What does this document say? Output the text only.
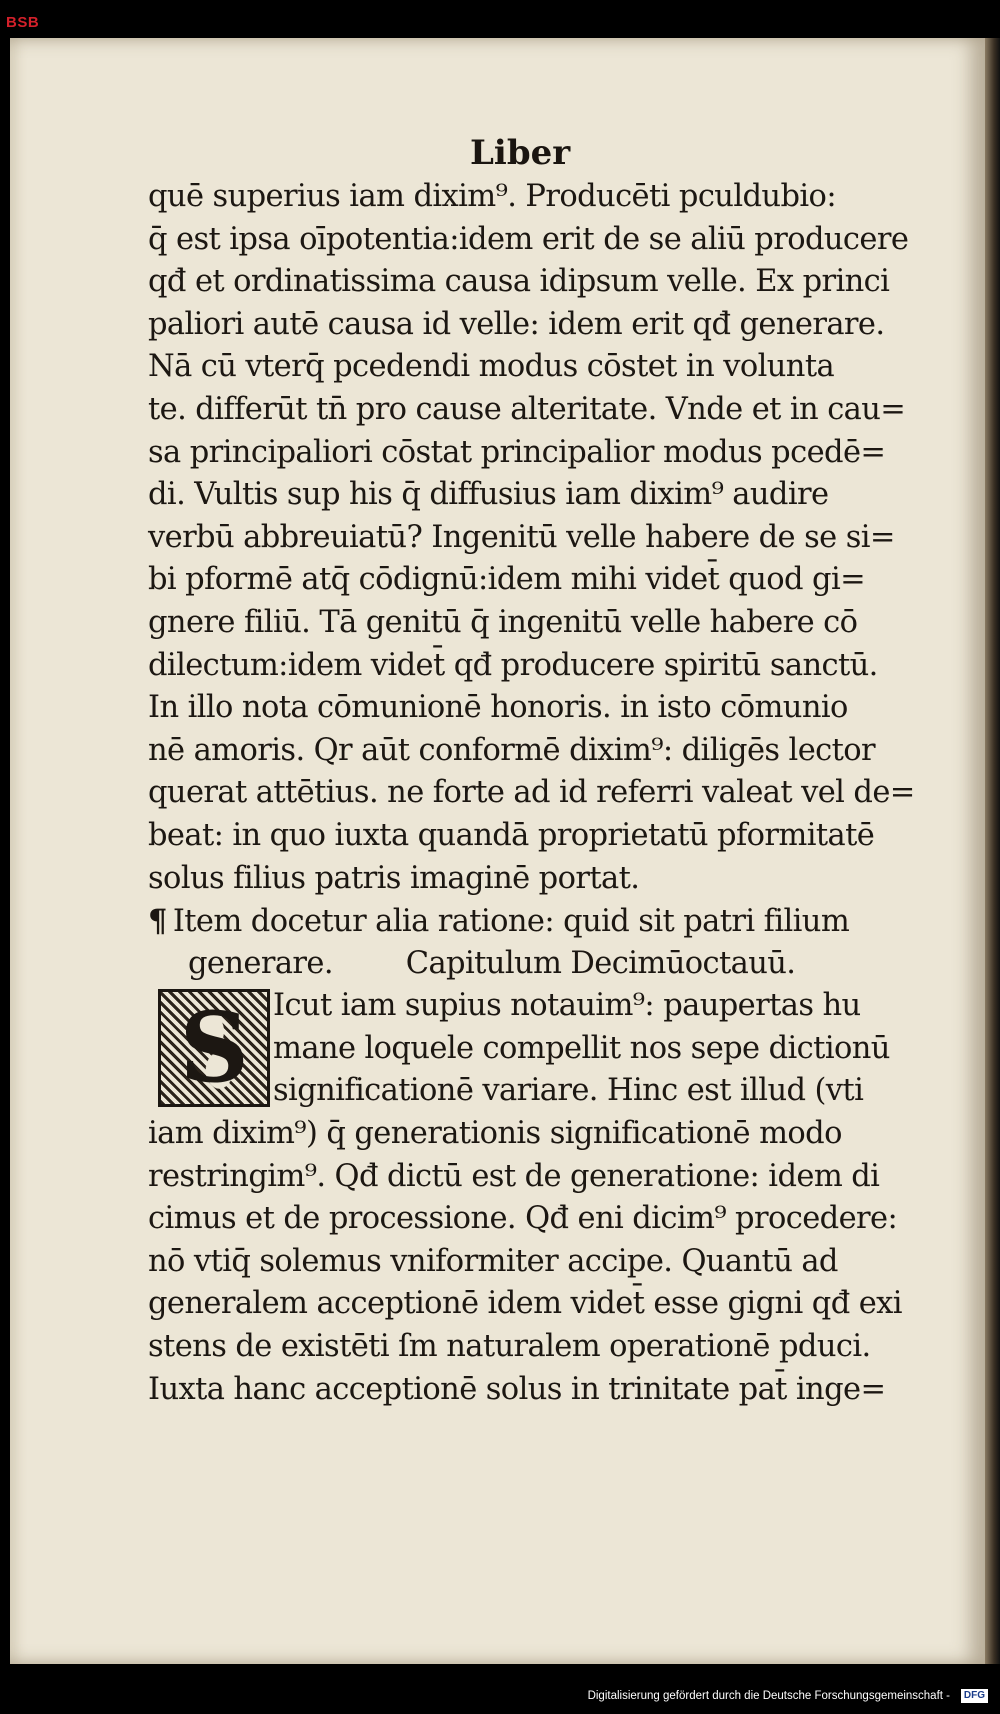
BSB
Liber
quē superius iam dixim⁹. Producēti pculdubio:
q̄ est ipsa oīpotentia:idem erit de se aliū producere
qđ et ordinatissima causa idipsum velle. Ex princi
paliori autē causa id velle: idem erit qđ generare.
Nā cū vterq̄ pcedendi modus cōstet in volunta
te. differūt tn̄ pro cause alteritate. Vnde et in cau=
sa principaliori cōstat principalior modus pcedē=
di. Vultis sup his q̄ diffusius iam dixim⁹ audire
verbū abbreuiatū? Ingenitū velle habere de se si=
bi pformē atq̄ cōdignū:idem mihi videt̄ quod gi=
gnere filiū. Tā genitū q̄ ingenitū velle habere cō
dilectum:idem videt̄ qđ producere spiritū sanctū.
In illo nota cōmunionē honoris. in isto cōmunio
nē amoris. Qr aūt conformē dixim⁹: diligēs lector
querat attētius. ne forte ad id referri valeat vel de=
beat: in quo iuxta quandā proprietatū pformitatē
solus filius patris imaginē portat.
¶ Item docetur alia ratione: quid sit patri filium
generare.        Capitulum Decimūoctauū.
S Icut iam supius notauim⁹: paupertas hu
mane loquele compellit nos sepe dictionū
significationē variare. Hinc est illud (vti
iam dixim⁹) q̄ generationis significationē modo
restringim⁹. Qđ dictū est de generatione: idem di
cimus et de processione. Qđ eni dicim⁹ procedere:
nō vtiq̄ solemus vniformiter accipe. Quantū ad
generalem acceptionē idem videt̄ esse gigni qđ exi
stens de existēti ſm naturalem operationē pduci.
Iuxta hanc acceptionē solus in trinitate pat̄ inge=
Digitalisierung gefördert durch die Deutsche Forschungsgemeinschaft -	DFG
